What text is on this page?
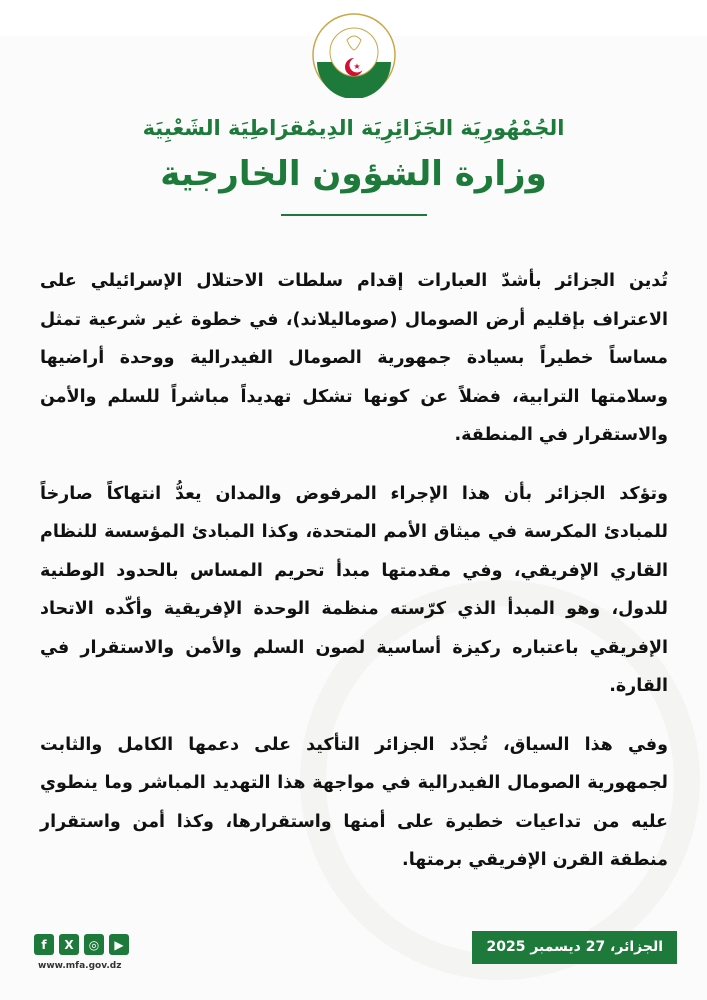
★
الجُمْهُورِيَة الجَزَائِرِيَة الدِيمُقرَاطِيَة الشَعْبِيَة
وزارة الشؤون الخارجية

تُدين الجزائر بأشدّ العبارات إقدام سلطات الاحتلال الإسرائيلي على الاعتراف بإقليم أرض الصومال (صوماليلاند)، في خطوة غير شرعية تمثل مساساً خطيراً بسيادة جمهورية الصومال الفيدرالية ووحدة أراضيها وسلامتها الترابية، فضلاً عن كونها تشكل تهديداً مباشراً للسلم والأمن والاستقرار في المنطقة.

وتؤكد الجزائر بأن هذا الإجراء المرفوض والمدان يعدُّ انتهاكاً صارخاً للمبادئ المكرسة في ميثاق الأمم المتحدة، وكذا المبادئ المؤسسة للنظام القاري الإفريقي، وفي مقدمتها مبدأ تحريم المساس بالحدود الوطنية للدول، وهو المبدأ الذي كرّسته منظمة الوحدة الإفريقية وأكّده الاتحاد الإفريقي باعتباره ركيزة أساسية لصون السلم والأمن والاستقرار في القارة.

وفي هذا السياق، تُجدّد الجزائر التأكيد على دعمها الكامل والثابت لجمهورية الصومال الفيدرالية في مواجهة هذا التهديد المباشر وما ينطوي عليه من تداعيات خطيرة على أمنها واستقرارها، وكذا أمن واستقرار منطقة القرن الإفريقي برمتها.

الجزائر، 27 ديسمبر 2025
f	X	◎	▶
www.mfa.gov.dz
